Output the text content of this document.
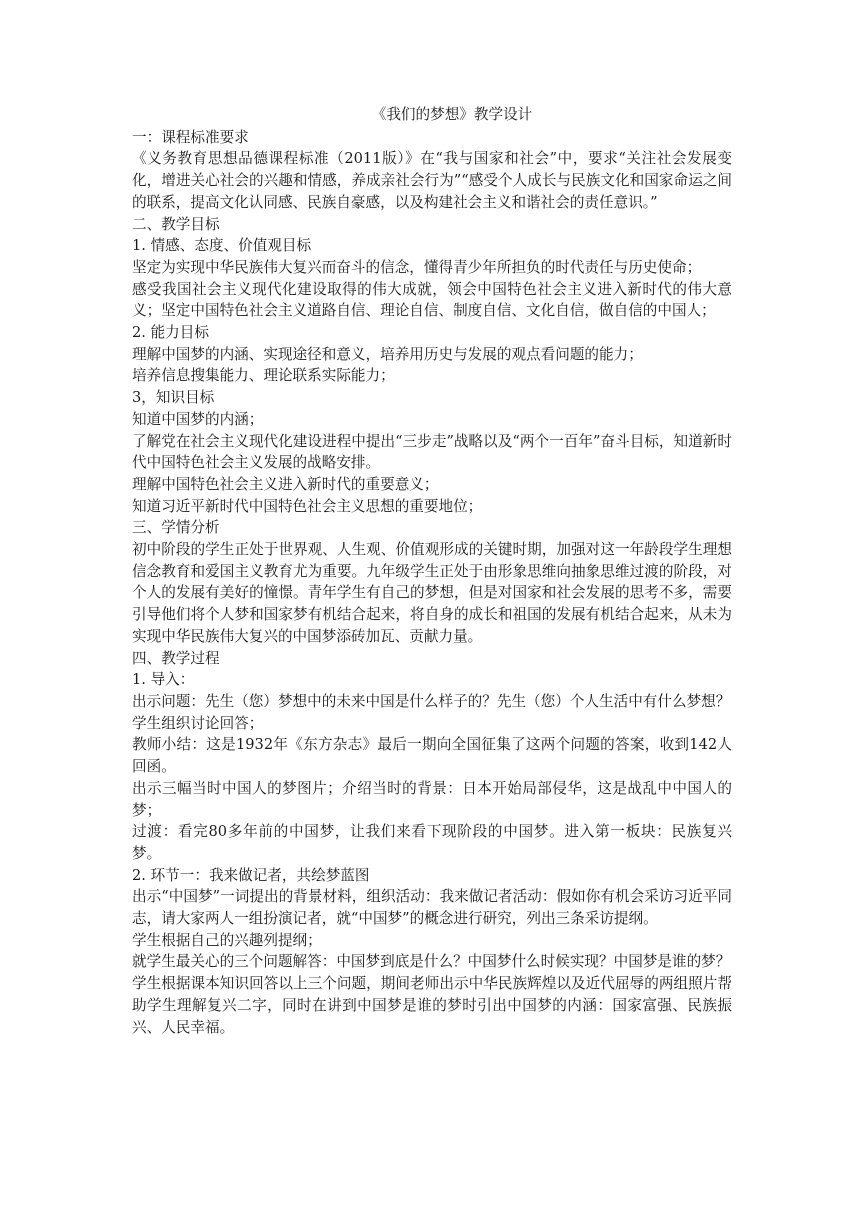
《我们的梦想》教学设计

一：课程标准要求

《义务教育思想品德课程标准（2011版）》在“我与国家和社会”中，要求“关注社会发展变化，增进关心社会的兴趣和情感，养成亲社会行为”“感受个人成长与民族文化和国家命运之间的联系，提高文化认同感、民族自豪感，以及构建社会主义和谐社会的责任意识。”

二、教学目标

1. 情感、态度、价值观目标

坚定为实现中华民族伟大复兴而奋斗的信念，懂得青少年所担负的时代责任与历史使命；

感受我国社会主义现代化建设取得的伟大成就，领会中国特色社会主义进入新时代的伟大意义；坚定中国特色社会主义道路自信、理论自信、制度自信、文化自信，做自信的中国人；

2. 能力目标

理解中国梦的内涵、实现途径和意义，培养用历史与发展的观点看问题的能力；

培养信息搜集能力、理论联系实际能力；

3，知识目标

知道中国梦的内涵；

了解党在社会主义现代化建设进程中提出“三步走”战略以及“两个一百年”奋斗目标，知道新时代中国特色社会主义发展的战略安排。

理解中国特色社会主义进入新时代的重要意义；

知道习近平新时代中国特色社会主义思想的重要地位；

三、学情分析

初中阶段的学生正处于世界观、人生观、价值观形成的关键时期，加强对这一年龄段学生理想信念教育和爱国主义教育尤为重要。九年级学生正处于由形象思维向抽象思维过渡的阶段，对个人的发展有美好的憧憬。青年学生有自己的梦想，但是对国家和社会发展的思考不多，需要引导他们将个人梦和国家梦有机结合起来，将自身的成长和祖国的发展有机结合起来，从未为实现中华民族伟大复兴的中国梦添砖加瓦、贡献力量。

四、教学过程

1. 导入：

出示问题：先生（您）梦想中的未来中国是什么样子的？先生（您）个人生活中有什么梦想？

学生组织讨论回答；

教师小结：这是1932年《东方杂志》最后一期向全国征集了这两个问题的答案，收到142人回函。

出示三幅当时中国人的梦图片；介绍当时的背景：日本开始局部侵华，这是战乱中中国人的梦；

过渡：看完80多年前的中国梦，让我们来看下现阶段的中国梦。进入第一板块：民族复兴梦。

2. 环节一：我来做记者，共绘梦蓝图

出示“中国梦”一词提出的背景材料，组织活动：我来做记者活动：假如你有机会采访习近平同志，请大家两人一组扮演记者，就“中国梦”的概念进行研究，列出三条采访提纲。

学生根据自己的兴趣列提纲；

就学生最关心的三个问题解答：中国梦到底是什么？中国梦什么时候实现？中国梦是谁的梦？

学生根据课本知识回答以上三个问题，期间老师出示中华民族辉煌以及近代屈辱的两组照片帮助学生理解复兴二字，同时在讲到中国梦是谁的梦时引出中国梦的内涵：国家富强、民族振兴、人民幸福。
